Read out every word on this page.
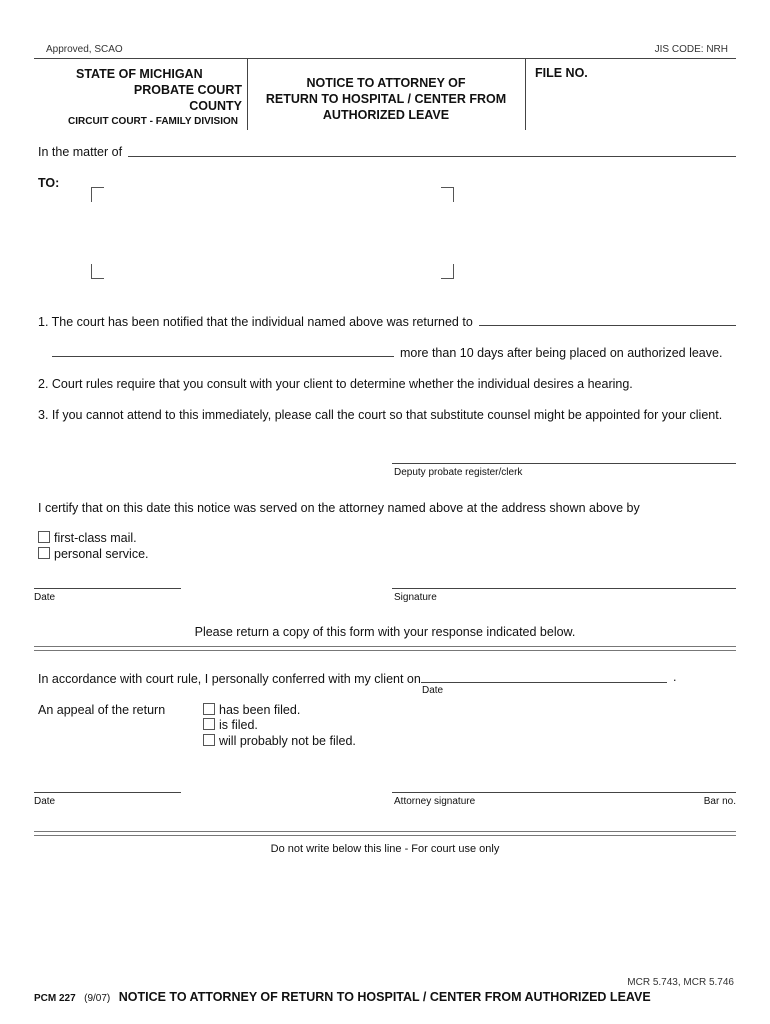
Approved, SCAO	JIS CODE: NRH
STATE OF MICHIGAN
PROBATE COURT
COUNTY
CIRCUIT COURT - FAMILY DIVISION
NOTICE TO ATTORNEY OF
RETURN TO HOSPITAL / CENTER FROM
AUTHORIZED LEAVE
FILE NO.
In the matter of
TO:
1. The court has been notified that the individual named above was returned to
more than 10 days after being placed on authorized leave.
2. Court rules require that you consult with your client to determine whether the individual desires a hearing.
3. If you cannot attend to this immediately, please call the court so that substitute counsel might be appointed for your client.
Deputy probate register/clerk
I certify that on this date this notice was served on the attorney named above at the address shown above by
first-class mail.
personal service.
Date	Signature
Please return a copy of this form with your response indicated below.
In accordance with court rule, I personally conferred with my client on	.
Date
An appeal of the return	has been filed.
is filed.
will probably not be filed.
Date	Attorney signature	Bar no.
Do not write below this line - For court use only
MCR 5.743, MCR 5.746
PCM 227 (9/07) NOTICE TO ATTORNEY OF RETURN TO HOSPITAL / CENTER FROM AUTHORIZED LEAVE
